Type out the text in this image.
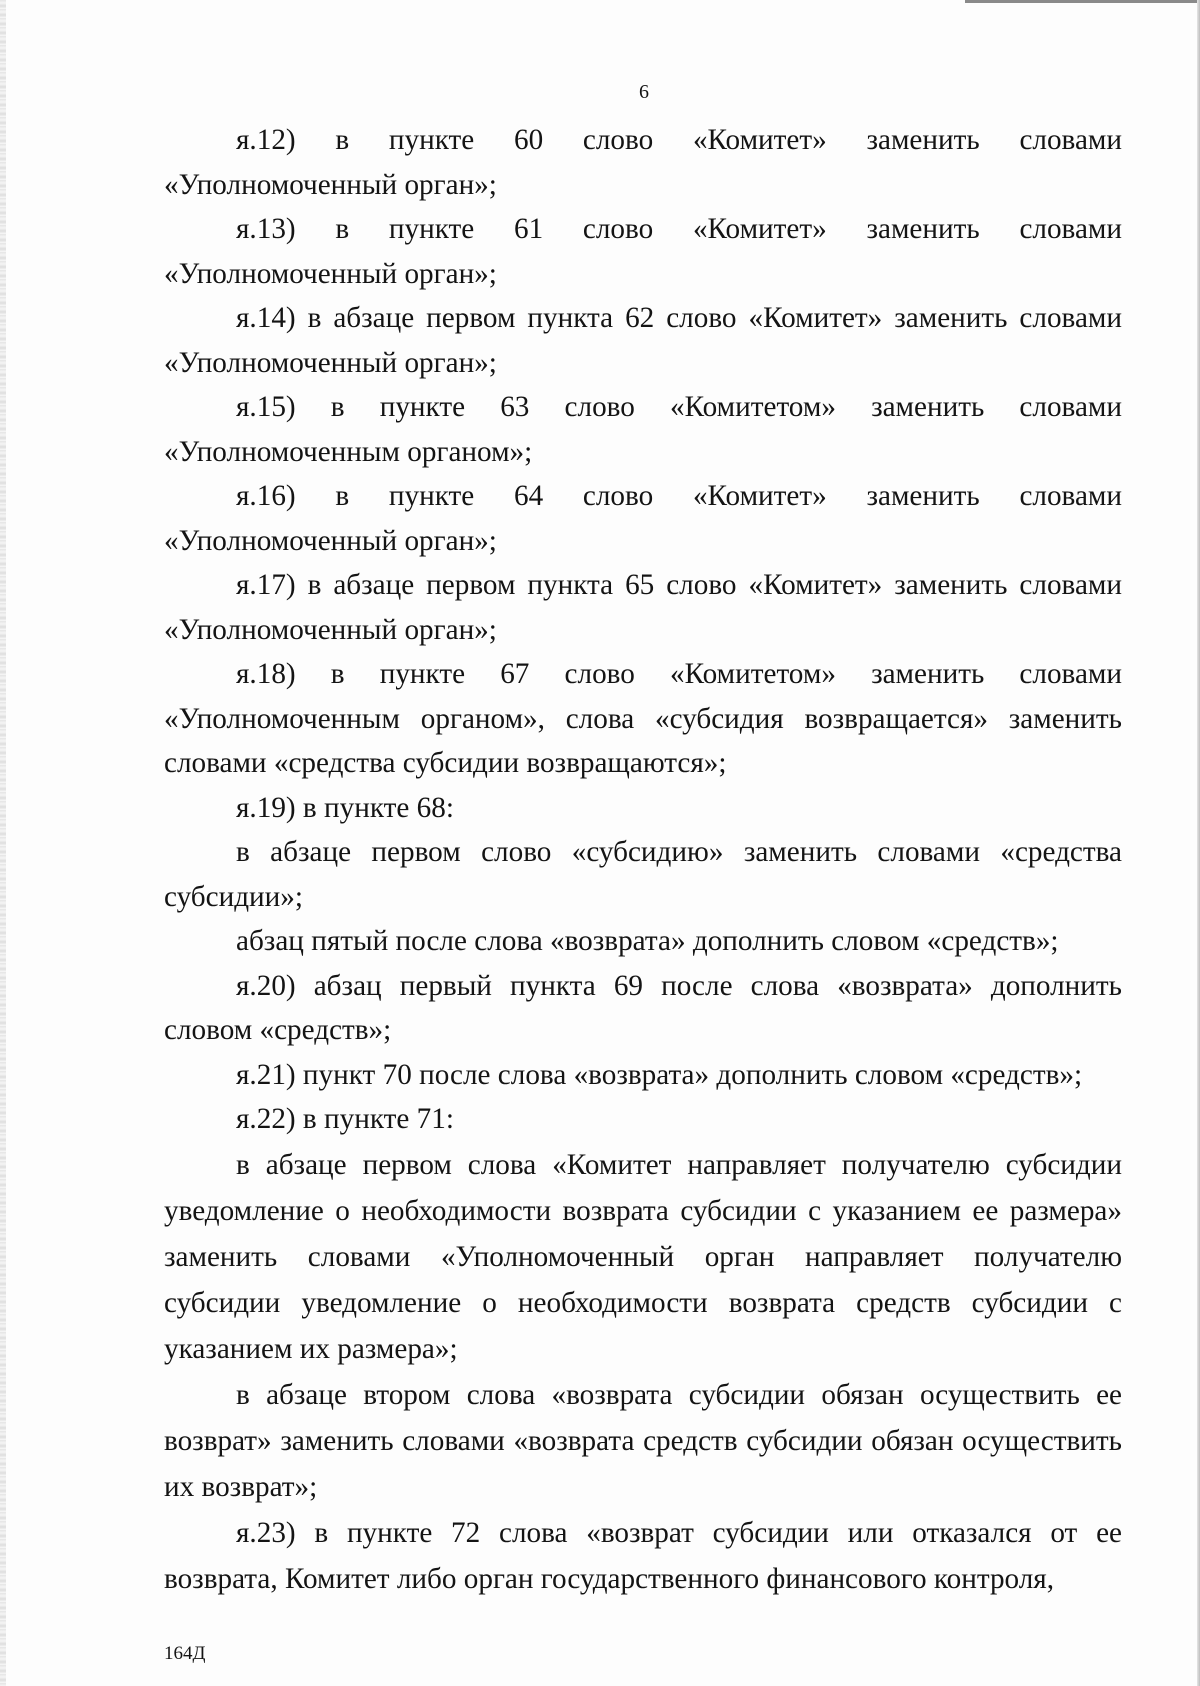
6

я.12) в пункте 60 слово «Комитет» заменить словами «Уполномоченный орган»;

я.13) в пункте 61 слово «Комитет» заменить словами «Уполномоченный орган»;

я.14) в абзаце первом пункта 62 слово «Комитет» заменить словами «Уполномоченный орган»;

я.15) в пункте 63 слово «Комитетом» заменить словами «Уполномоченным органом»;

я.16) в пункте 64 слово «Комитет» заменить словами «Уполномоченный орган»;

я.17) в абзаце первом пункта 65 слово «Комитет» заменить словами «Уполномоченный орган»;

я.18) в пункте 67 слово «Комитетом» заменить словами «Уполномоченным органом», слова «субсидия возвращается» заменить словами «средства субсидии возвращаются»;

я.19) в пункте 68:

в абзаце первом слово «субсидию» заменить словами «средства субсидии»;

абзац пятый после слова «возврата» дополнить словом «средств»;

я.20) абзац первый пункта 69 после слова «возврата» дополнить словом «средств»;

я.21) пункт 70 после слова «возврата» дополнить словом «средств»;

я.22) в пункте 71:

в абзаце первом слова «Комитет направляет получателю субсидии уведомление о необходимости возврата субсидии с указанием ее размера» заменить словами «Уполномоченный орган направляет получателю субсидии уведомление о необходимости возврата средств субсидии с указанием их размера»;

в абзаце втором слова «возврата субсидии обязан осуществить ее возврат» заменить словами «возврата средств субсидии обязан осуществить их возврат»;

я.23) в пункте 72 слова «возврат субсидии или отказался от ее возврата, Комитет либо орган государственного финансового контроля,

164Д
